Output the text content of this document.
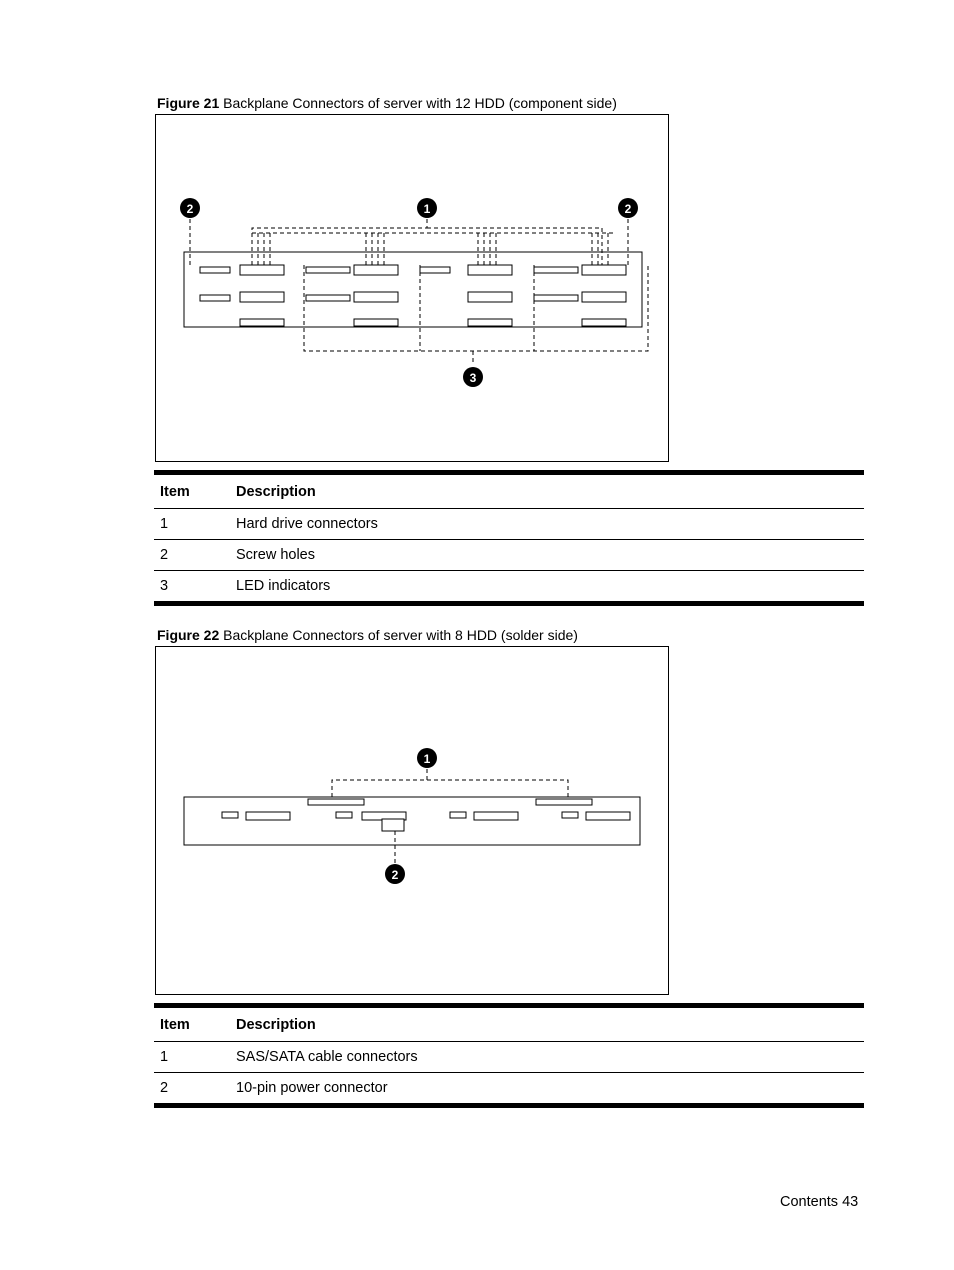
Figure 21 Backplane Connectors of server with 12 HDD (component side)
1
2	2
3
Item	Description
1	Hard drive connectors
2	Screw holes
3	LED indicators
Figure 22 Backplane Connectors of server with 8 HDD (solder side)
1
2
Item	Description
1	SAS/SATA cable connectors
2	10-pin power connector
Contents 43
